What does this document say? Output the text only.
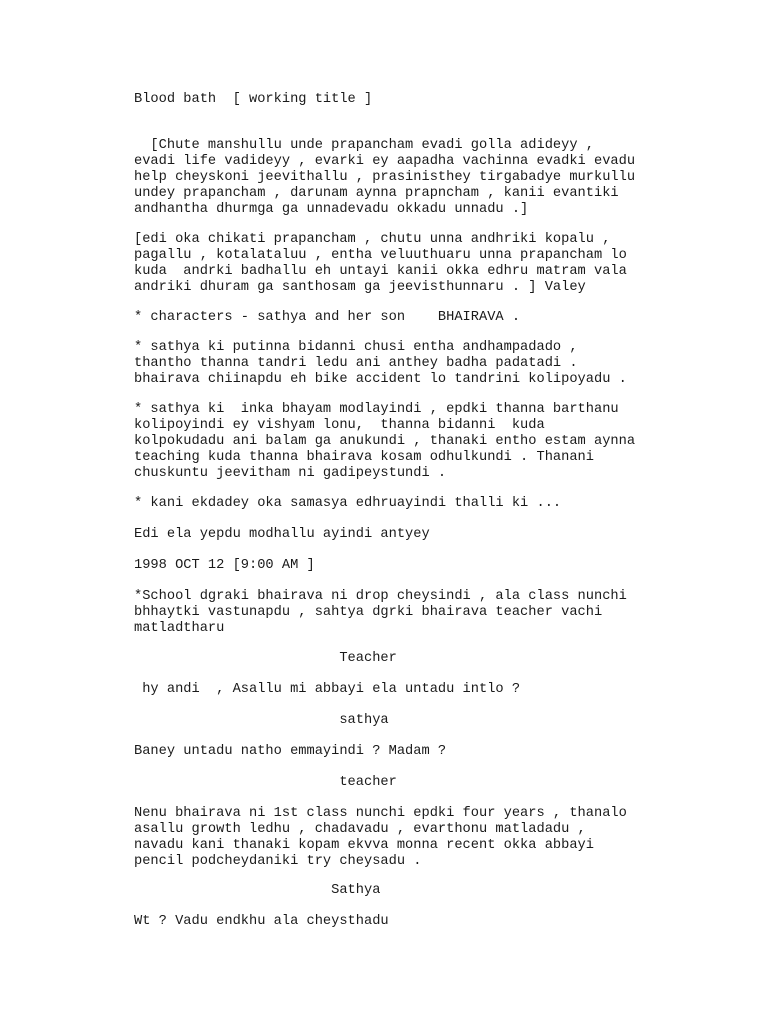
Blood bath  [ working title ]

[Chute manshullu unde prapancham evadi golla adideyy ,

evadi life vadideyy , evarki ey aapadha vachinna evadki evadu

help cheyskoni jeevithallu , prasinisthey tirgabadye murkullu

undey prapancham , darunam aynna prapncham , kanii evantiki

andhantha dhurmga ga unnadevadu okkadu unnadu .]

[edi oka chikati prapancham , chutu unna andhriki kopalu ,

pagallu , kotalataluu , entha veluuthuaru unna prapancham lo

kuda  andrki badhallu eh untayi kanii okka edhru matram vala

andriki dhuram ga santhosam ga jeevisthunnaru . ] Valey

* characters - sathya and her son    BHAIRAVA .

* sathya ki putinna bidanni chusi entha andhampadado ,

thantho thanna tandri ledu ani anthey badha padatadi .

bhairava chiinapdu eh bike accident lo tandrini kolipoyadu .

* sathya ki  inka bhayam modlayindi , epdki thanna barthanu

kolipoyindi ey vishyam lonu,  thanna bidanni  kuda

kolpokudadu ani balam ga anukundi , thanaki entho estam aynna

teaching kuda thanna bhairava kosam odhulkundi . Thanani

chuskuntu jeevitham ni gadipeystundi .

* kani ekdadey oka samasya edhruayindi thalli ki ...

Edi ela yepdu modhallu ayindi antyey

1998 OCT 12 [9:00 AM ]

*School dgraki bhairava ni drop cheysindi , ala class nunchi

bhhaytki vastunapdu , sahtya dgrki bhairava teacher vachi

matladtharu

Teacher

hy andi  , Asallu mi abbayi ela untadu intlo ?

sathya

Baney untadu natho emmayindi ? Madam ?

teacher

Nenu bhairava ni 1st class nunchi epdki four years , thanalo

asallu growth ledhu , chadavadu , evarthonu matladadu ,

navadu kani thanaki kopam ekvva monna recent okka abbayi

pencil podcheydaniki try cheysadu .

Sathya

Wt ? Vadu endkhu ala cheysthadu
